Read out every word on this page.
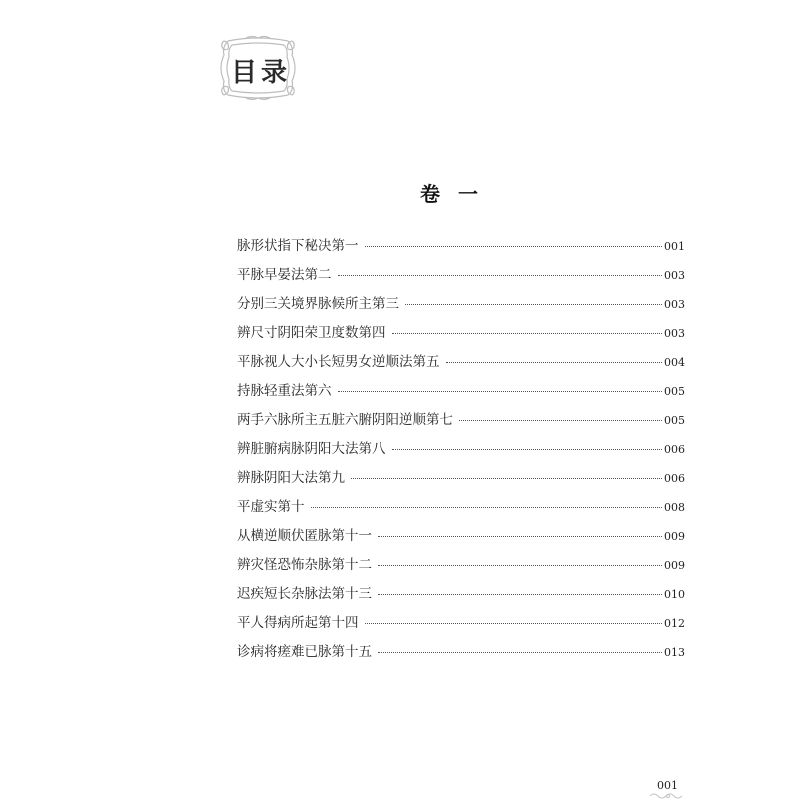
目录
卷一
脉形状指下秘决第一	001
平脉早晏法第二	003
分别三关境界脉候所主第三	003
辨尺寸阴阳荣卫度数第四	003
平脉视人大小长短男女逆顺法第五	004
持脉轻重法第六	005
两手六脉所主五脏六腑阴阳逆顺第七	005
辨脏腑病脉阴阳大法第八	006
辨脉阴阳大法第九	006
平虚实第十	008
从横逆顺伏匿脉第十一	009
辨灾怪恐怖杂脉第十二	009
迟疾短长杂脉法第十三	010
平人得病所起第十四	012
诊病将瘥难已脉第十五	013
001
